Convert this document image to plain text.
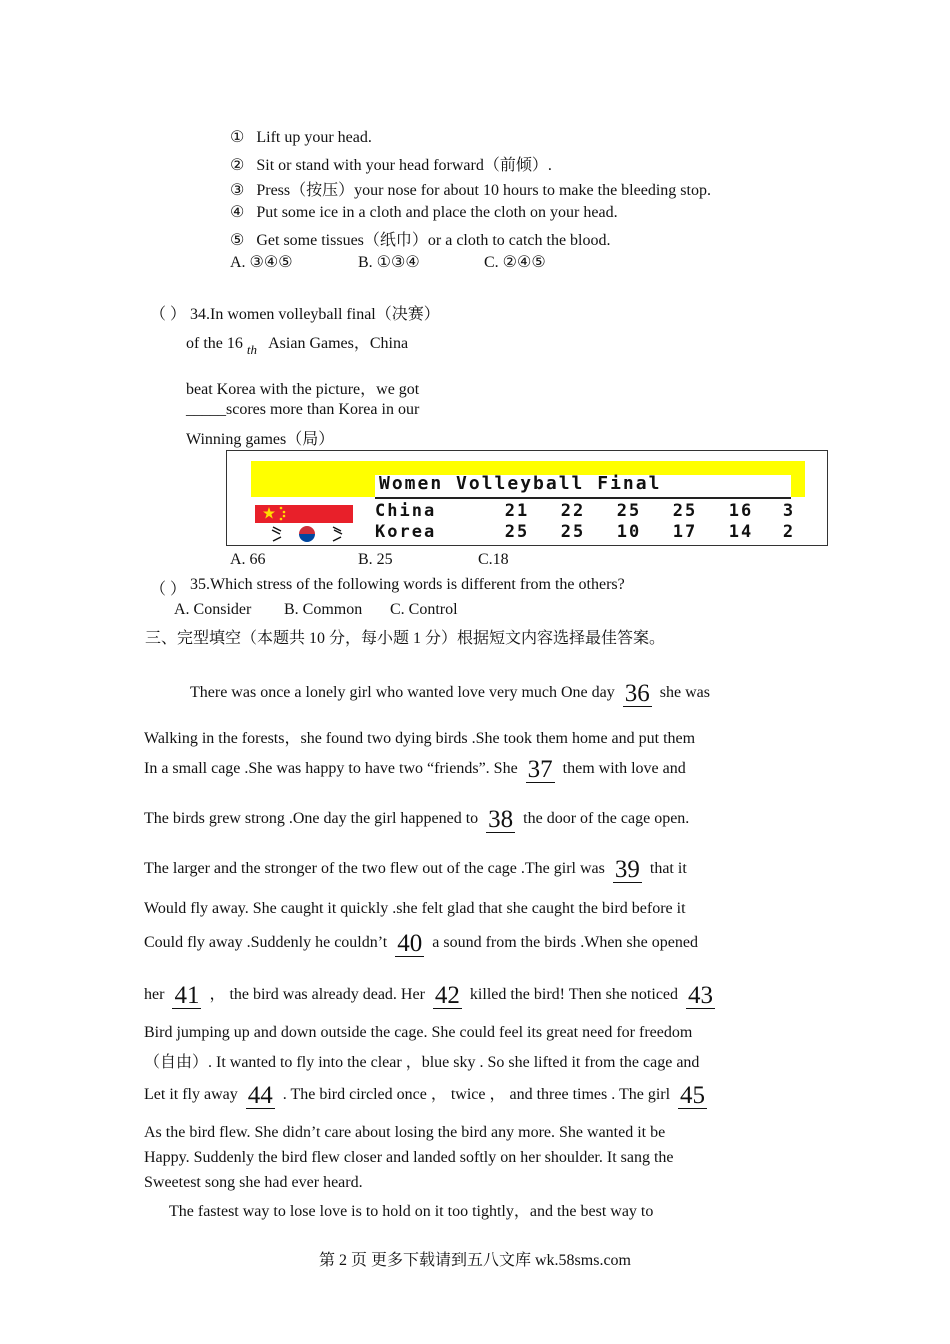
① Lift up your head.
② Sit or stand with your head forward（前倾）.
③ Press（按压）your nose for about 10 hours to make the bleeding stop.
④ Put some ice in a cloth and place the cloth on your head.
⑤ Get some tissues（纸巾）or a cloth to catch the blood.
A. ③④⑤	B. ①③④	C. ②④⑤
（ ） 34.In women volleyball final（决赛）
of the 16 $_{th}$ Asian Games，China
beat Korea with the picture，we got
_____scores more than Korea in our
Winning games（局）
Women Volleyball Final
China	21	22	25	25	16	3
Korea	25	25	10	17	14	2
A. 66	B. 25	C.18
（ ） 35.Which stress of the following words is different from the others?
A. Consider B. Common C. Control
三、完型填空（本题共 10 分，每小题 1 分）根据短文内容选择最佳答案。
There was once a lonely girl who wanted love very much One day 36 she was
Walking in the forests，she found two dying birds .She took them home and put them
In a small cage .She was happy to have two “friends”. She 37 them with love and
The birds grew strong .One day the girl happened to 38 the door of the cage open.
The larger and the stronger of the two flew out of the cage .The girl was 39 that it
Would fly away. She caught it quickly .she felt glad that she caught the bird before it
Could fly away .Suddenly he couldn’t 40 a sound from the birds .When she opened
her 41 ， the bird was already dead. Her 42 killed the bird! Then she noticed 43
Bird jumping up and down outside the cage. She could feel its great need for freedom
（自由）. It wanted to fly into the clear ，blue sky . So she lifted it from the cage and
Let it fly away 44 . The bird circled once ， twice ， and three times . The girl 45
As the bird flew. She didn’t care about losing the bird any more. She wanted it be
Happy. Suddenly the bird flew closer and landed softly on her shoulder. It sang the
Sweetest song she had ever heard.
The fastest way to lose love is to hold on it too tightly，and the best way to
第 2 页 更多下载请到五八文库 wk.58sms.com
